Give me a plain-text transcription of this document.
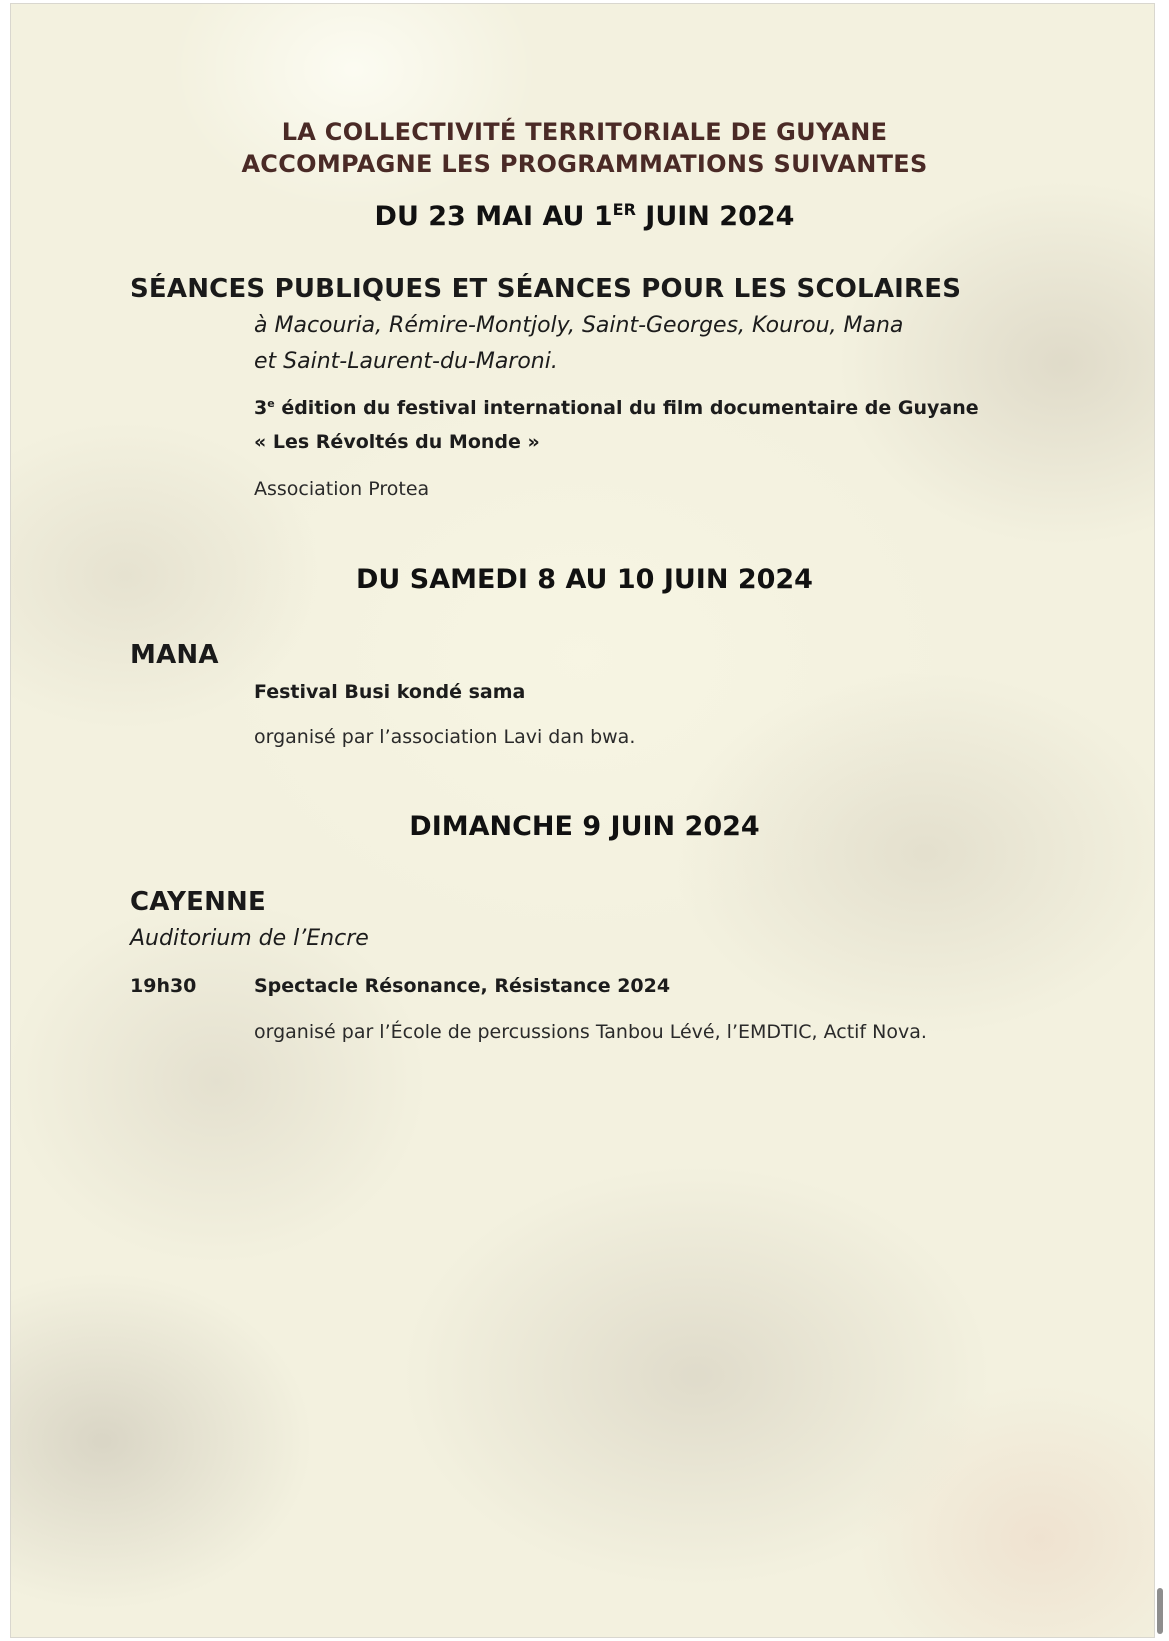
LA COLLECTIVITÉ TERRITORIALE DE GUYANE
ACCOMPAGNE LES PROGRAMMATIONS SUIVANTES
DU 23 MAI AU 1ER JUIN 2024
SÉANCES PUBLIQUES ET SÉANCES POUR LES SCOLAIRES
à Macouria, Rémire-Montjoly, Saint-Georges, Kourou, Mana
et Saint-Laurent-du-Maroni.
3e édition du festival international du film documentaire de Guyane
« Les Révoltés du Monde »
Association Protea
DU SAMEDI 8 AU 10 JUIN 2024
MANA
Festival Busi kondé sama
organisé par l’association Lavi dan bwa.
DIMANCHE 9 JUIN 2024
CAYENNE
Auditorium de l’Encre
19h30	Spectacle Résonance, Résistance 2024
organisé par l’École de percussions Tanbou Lévé, l’EMDTIC, Actif Nova.
